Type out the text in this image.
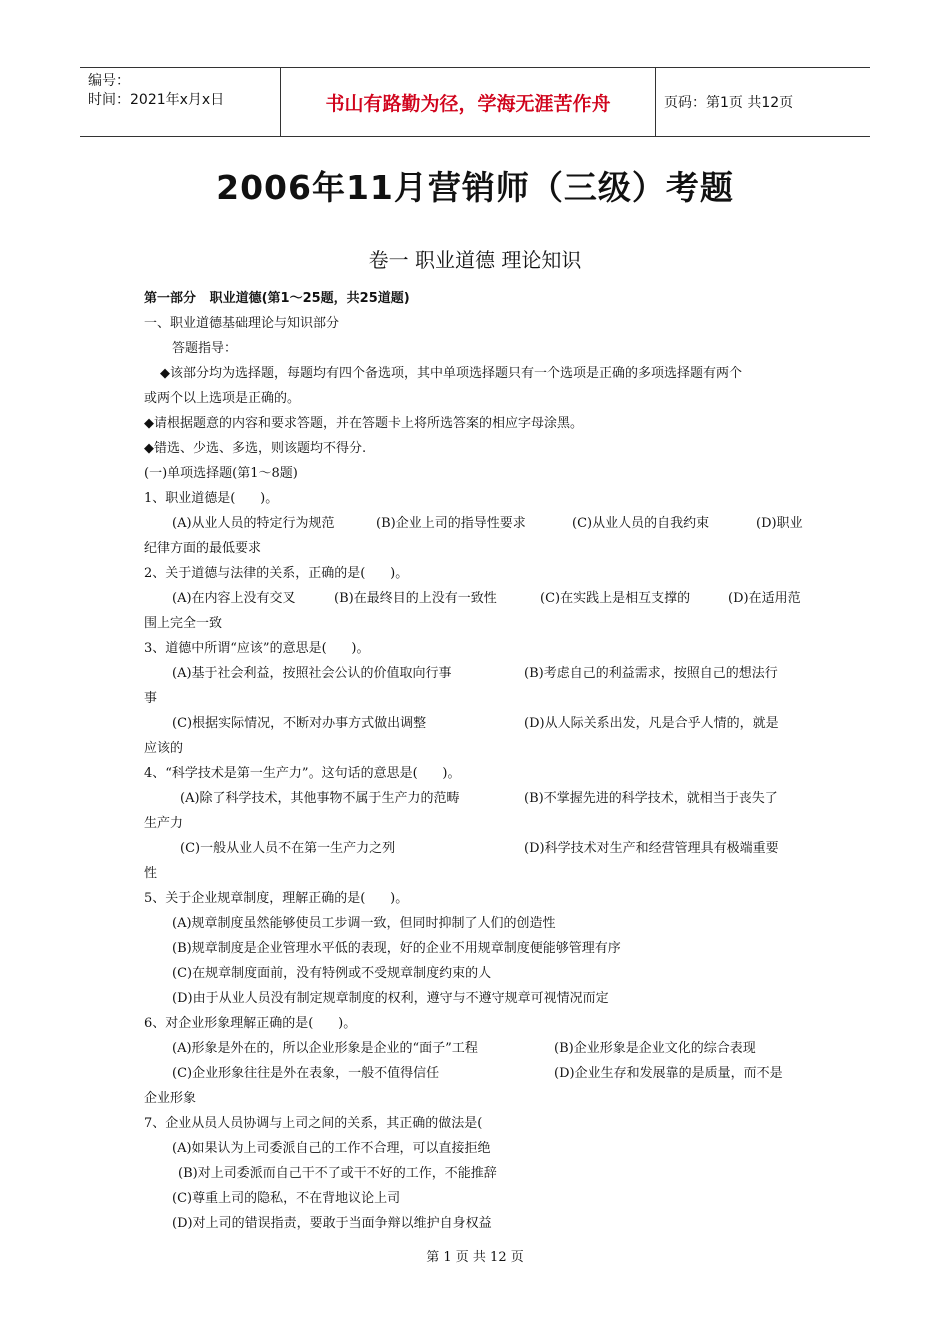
编号：
时间：2021年x月x日	书山有路勤为径，学海无涯苦作舟	页码：第1页 共12页
2006年11月营销师（三级）考题
卷一 职业道德 理论知识
第一部分   职业道德(第1～25题，共25道题)
一、职业道德基础理论与知识部分
答题指导：
◆该部分均为选择题，每题均有四个备选项，其中单项选择题只有一个选项是正确的多项选择题有两个
或两个以上选项是正确的。
◆请根据题意的内容和要求答题，并在答题卡上将所选答案的相应字母涂黑。
◆错选、少选、多选，则该题均不得分.
(一)单项选择题(第1～8题)
1、职业道德是(      )。
(A)从业人员的特定行为规范	(B)企业上司的指导性要求	(C)从业人员的自我约束	(D)职业
纪律方面的最低要求
2、关于道德与法律的关系，正确的是(      )。
(A)在内容上没有交叉	(B)在最终目的上没有一致性	(C)在实践上是相互支撑的	(D)在适用范
围上完全一致
3、道德中所谓“应该”的意思是(      )。
(A)基于社会利益，按照社会公认的价值取向行事	(B)考虑自己的利益需求，按照自己的想法行
事
(C)根据实际情况，不断对办事方式做出调整	(D)从人际关系出发，凡是合乎人情的，就是
应该的
4、“科学技术是第一生产力”。这句话的意思是(      )。
(A)除了科学技术，其他事物不属于生产力的范畴	(B)不掌握先进的科学技术，就相当于丧失了
生产力
(C)一般从业人员不在第一生产力之列	(D)科学技术对生产和经营管理具有极端重要
性
5、关于企业规章制度，理解正确的是(      )。
(A)规章制度虽然能够使员工步调一致，但同时抑制了人们的创造性
(B)规章制度是企业管理水平低的表现，好的企业不用规章制度便能够管理有序
(C)在规章制度面前，没有特例或不受规章制度约束的人
(D)由于从业人员没有制定规章制度的权利，遵守与不遵守规章可视情况而定
6、对企业形象理解正确的是(      )。
(A)形象是外在的，所以企业形象是企业的“面子”工程	(B)企业形象是企业文化的综合表现
(C)企业形象往往是外在表象，一般不值得信任	(D)企业生存和发展靠的是质量，而不是
企业形象
7、企业从员人员协调与上司之间的关系，其正确的做法是(
(A)如果认为上司委派自己的工作不合理，可以直接拒绝
(B)对上司委派而自己干不了或干不好的工作，不能推辞
(C)尊重上司的隐私，不在背地议论上司
(D)对上司的错误指责，要敢于当面争辩以维护自身权益
第 1 页 共 12 页
